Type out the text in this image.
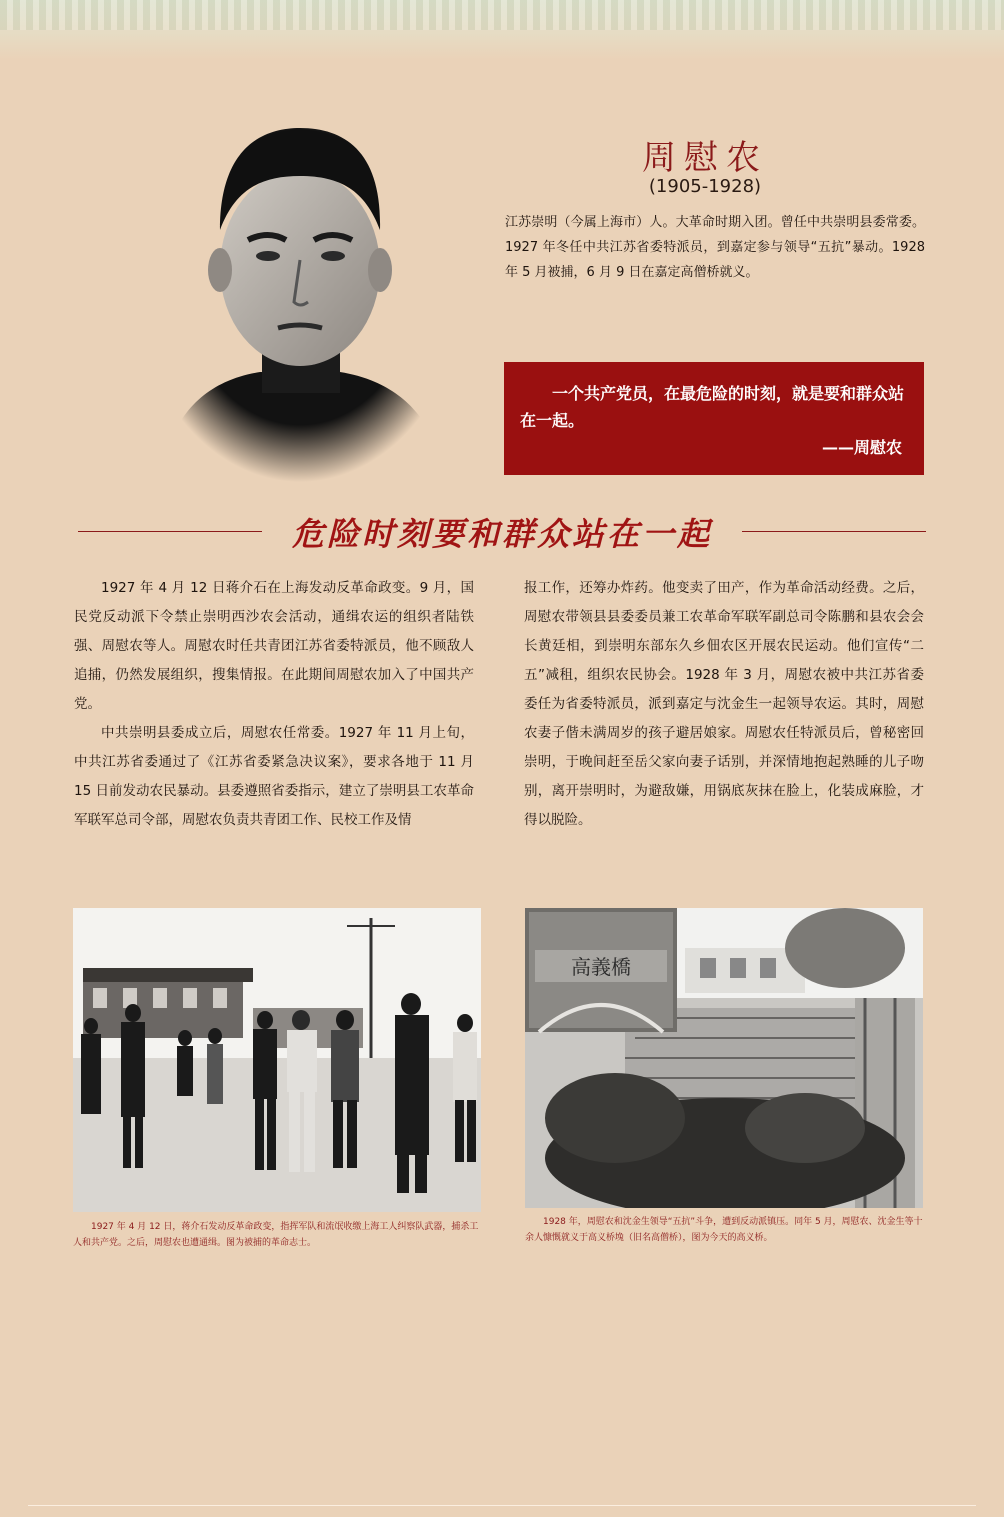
周慰农
(1905-1928)
江苏崇明（今属上海市）人。大革命时期入团。曾任中共崇明县委常委。1927 年冬任中共江苏省委特派员，到嘉定参与领导“五抗”暴动。1928 年 5 月被捕，6 月 9 日在嘉定高僧桥就义。
一个共产党员，在最危险的时刻，就是要和群众站在一起。
——周慰农
危险时刻要和群众站在一起

1927 年 4 月 12 日蒋介石在上海发动反革命政变。9 月，国民党反动派下令禁止崇明西沙农会活动，通缉农运的组织者陆铁强、周慰农等人。周慰农时任共青团江苏省委特派员，他不顾敌人追捕，仍然发展组织，搜集情报。在此期间周慰农加入了中国共产党。

中共崇明县委成立后，周慰农任常委。1927 年 11 月上旬，中共江苏省委通过了《江苏省委紧急决议案》，要求各地于 11 月 15 日前发动农民暴动。县委遵照省委指示，建立了崇明县工农革命军联军总司令部，周慰农负责共青团工作、民校工作及情

报工作，还筹办炸药。他变卖了田产，作为革命活动经费。之后，周慰农带领县县委委员兼工农革命军联军副总司令陈鹏和县农会会长黄廷相，到崇明东部东久乡佃农区开展农民运动。他们宣传“二五”减租，组织农民协会。1928 年 3 月，周慰农被中共江苏省委委任为省委特派员，派到嘉定与沈金生一起领导农运。其时，周慰农妻子偕未满周岁的孩子避居娘家。周慰农任特派员后，曾秘密回崇明，于晚间赶至岳父家向妻子话别，并深情地抱起熟睡的儿子吻别，离开崇明时，为避敌嫌，用锅底灰抹在脸上，化装成麻脸，才得以脱险。

1927 年 4 月 12 日，蒋介石发动反革命政变，指挥军队和流氓收缴上海工人纠察队武器，捕杀工人和共产党。之后，周慰农也遭通缉。图为被捕的革命志士。
高義橋
1928 年，周慰农和沈金生领导“五抗”斗争，遭到反动派镇压。同年 5 月，周慰农、沈金生等十余人慷慨就义于高义桥堍（旧名高僧桥），图为今天的高义桥。
